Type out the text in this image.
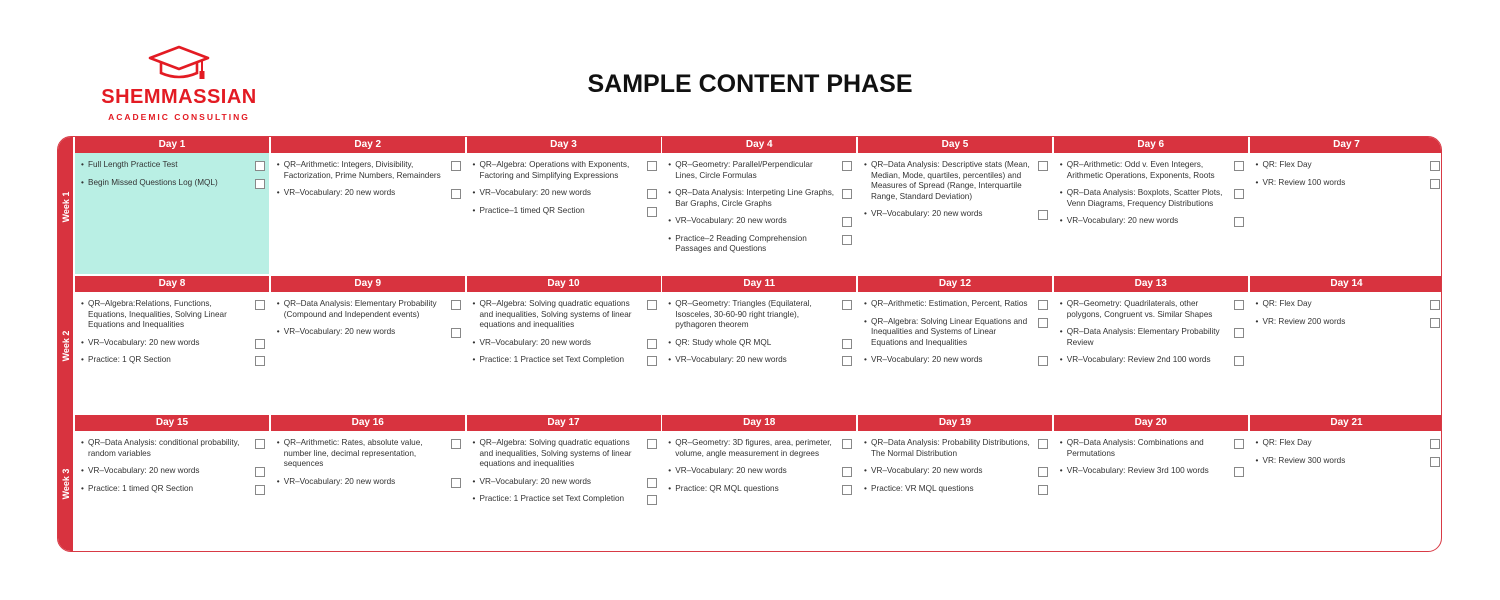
SHEMMASSIAN
ACADEMIC CONSULTING
SAMPLE CONTENT PHASE
Week 1
Week 2
Week 3
Day 1
• Full Length Practice Test
• Begin Missed Questions Log (MQL)
Day 2
• QR–Arithmetic: Integers, Divisibility, Factorization, Prime Numbers, Remainders
• VR–Vocabulary: 20 new words
Day 3
• QR–Algebra: Operations with Exponents, Factoring and Simplifying Expressions
• VR–Vocabulary: 20 new words
• Practice–1 timed QR Section
Day 4
• QR–Geometry: Parallel/Perpendicular Lines, Circle Formulas
• QR–Data Analysis: Interpeting Line Graphs, Bar Graphs, Circle Graphs
• VR–Vocabulary: 20 new words
• Practice–2 Reading Comprehension Passages and Questions
Day 5
• QR–Data Analysis: Descriptive stats (Mean, Median, Mode, quartiles, percentiles) and Measures of Spread (Range, Interquartile Range, Standard Deviation)
• VR–Vocabulary: 20 new words
Day 6
• QR–Arithmetic: Odd v. Even Integers, Arithmetic Operations, Exponents, Roots
• QR–Data Analysis: Boxplots, Scatter Plots, Venn Diagrams, Frequency Distributions
• VR–Vocabulary: 20 new words
Day 7
• QR: Flex Day
• VR: Review 100 words
Day 8
• QR–Algebra:Relations, Functions, Equations, Inequalities, Solving Linear Equations and Inequalities
• VR–Vocabulary: 20 new words
• Practice: 1 QR Section
Day 9
• QR–Data Analysis: Elementary Probability (Compound and Independent events)
• VR–Vocabulary: 20 new words
Day 10
• QR–Algebra: Solving quadratic equations and inequalities, Solving systems of linear equations and inequalities
• VR–Vocabulary: 20 new words
• Practice: 1 Practice set Text Completion
Day 11
• QR–Geometry: Triangles (Equilateral, Isosceles, 30-60-90 right triangle), pythagoren theorem
• QR: Study whole QR MQL
• VR–Vocabulary: 20 new words
Day 12
• QR–Arithmetic: Estimation, Percent, Ratios
• QR–Algebra: Solving Linear Equations and Inequalities and Systems of Linear Equations and Inequalities
• VR–Vocabulary: 20 new words
Day 13
• QR–Geometry: Quadrilaterals, other polygons, Congruent vs. Similar Shapes
• QR–Data Analysis: Elementary Probability Review
• VR–Vocabulary: Review 2nd 100 words
Day 14
• QR: Flex Day
• VR: Review 200 words
Day 15
• QR–Data Analysis: conditional probability, random variables
• VR–Vocabulary: 20 new words
• Practice: 1 timed QR Section
Day 16
• QR–Arithmetic: Rates, absolute value, number line, decimal representation, sequences
• VR–Vocabulary: 20 new words
Day 17
• QR–Algebra: Solving quadratic equations and inequalities, Solving systems of linear equations and inequalities
• VR–Vocabulary: 20 new words
• Practice: 1 Practice set Text Completion
Day 18
• QR–Geometry: 3D figures, area, perimeter, volume, angle measurement in degrees
• VR–Vocabulary: 20 new words
• Practice: QR MQL questions
Day 19
• QR–Data Analysis: Probability Distributions, The Normal Distribution
• VR–Vocabulary: 20 new words
• Practice: VR MQL questions
Day 20
• QR–Data Analysis: Combinations and Permutations
• VR–Vocabulary: Review 3rd 100 words
Day 21
• QR: Flex Day
• VR: Review 300 words
